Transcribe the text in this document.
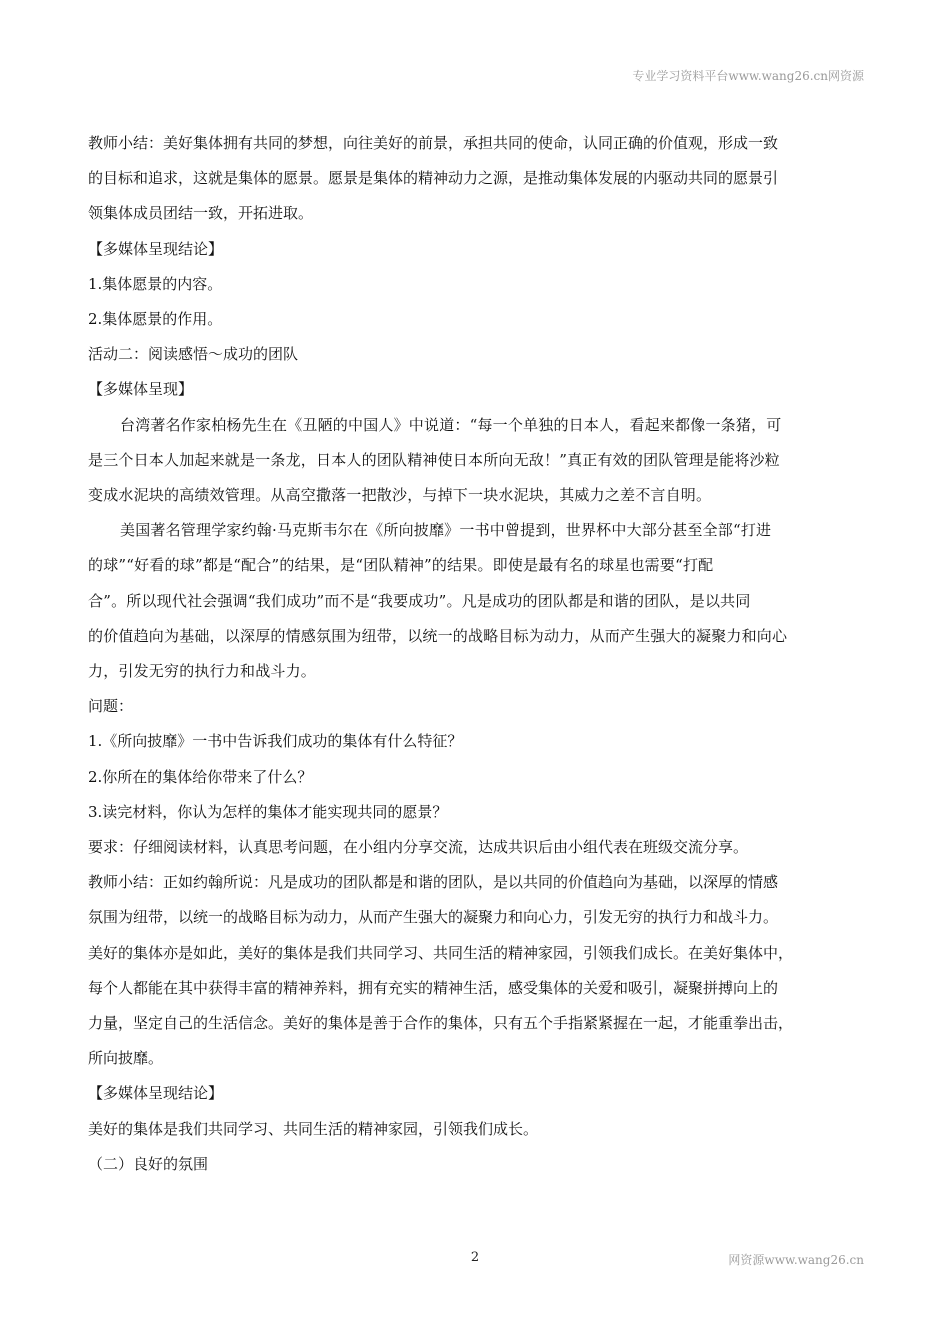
专业学习资料平台www.wang26.cn网资源

教师小结：美好集体拥有共同的梦想，向往美好的前景，承担共同的使命，认同正确的价值观，形成一致

的目标和追求，这就是集体的愿景。愿景是集体的精神动力之源，是推动集体发展的内驱动共同的愿景引

领集体成员团结一致，开拓进取。

【多媒体呈现结论】

1.集体愿景的内容。

2.集体愿景的作用。

活动二：阅读感悟～成功的团队

【多媒体呈现】

台湾著名作家柏杨先生在《丑陋的中国人》中说道：“每一个单独的日本人，看起来都像一条猪，可

是三个日本人加起来就是一条龙，日本人的团队精神使日本所向无敌！”真正有效的团队管理是能将沙粒

变成水泥块的高绩效管理。从高空撒落一把散沙，与掉下一块水泥块，其威力之差不言自明。

美国著名管理学家约翰·马克斯韦尔在《所向披靡》一书中曾提到，世界杯中大部分甚至全部“打进

的球”“好看的球”都是“配合”的结果，是“团队精神”的结果。即使是最有名的球星也需要“打配

合”。所以现代社会强调“我们成功”而不是“我要成功”。凡是成功的团队都是和谐的团队，是以共同

的价值趋向为基础，以深厚的情感氛围为纽带，以统一的战略目标为动力，从而产生强大的凝聚力和向心

力，引发无穷的执行力和战斗力。

问题：

1.《所向披靡》一书中告诉我们成功的集体有什么特征？

2.你所在的集体给你带来了什么？

3.读完材料，你认为怎样的集体才能实现共同的愿景？

要求：仔细阅读材料，认真思考问题，在小组内分享交流，达成共识后由小组代表在班级交流分享。

教师小结：正如约翰所说：凡是成功的团队都是和谐的团队，是以共同的价值趋向为基础，以深厚的情感

氛围为纽带，以统一的战略目标为动力，从而产生强大的凝聚力和向心力，引发无穷的执行力和战斗力。

美好的集体亦是如此，美好的集体是我们共同学习、共同生活的精神家园，引领我们成长。在美好集体中，

每个人都能在其中获得丰富的精神养料，拥有充实的精神生活，感受集体的关爱和吸引，凝聚拼搏向上的

力量，坚定自己的生活信念。美好的集体是善于合作的集体，只有五个手指紧紧握在一起，才能重拳出击，

所向披靡。

【多媒体呈现结论】

美好的集体是我们共同学习、共同生活的精神家园，引领我们成长。

（二）良好的氛围

2	网资源www.wang26.cn
